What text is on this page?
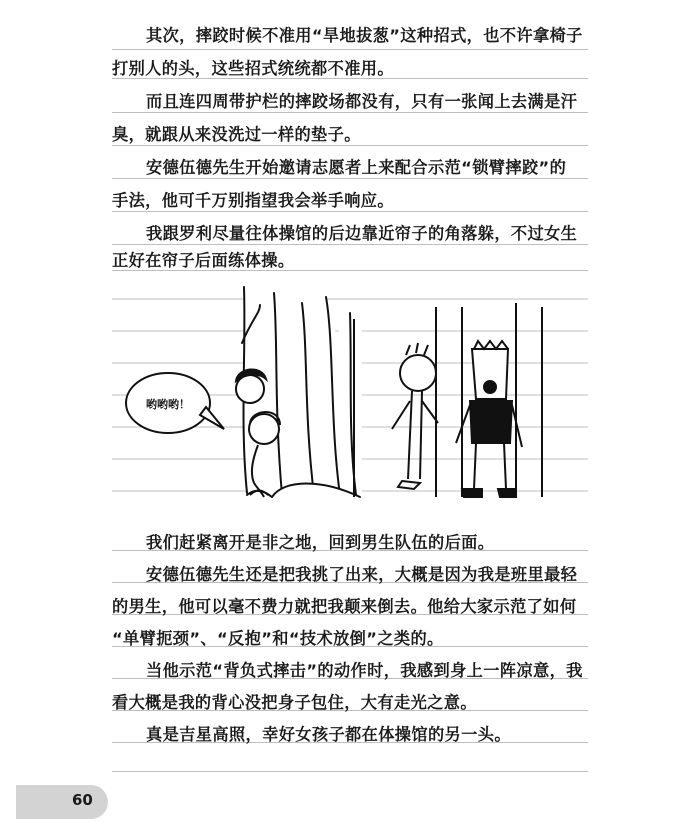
其次，摔跤时候不准用“旱地拔葱”这种招式，也不许拿椅子
打别人的头，这些招式统统都不准用。
而且连四周带护栏的摔跤场都没有，只有一张闻上去满是汗
臭，就跟从来没洗过一样的垫子。
安德伍德先生开始邀请志愿者上来配合示范“锁臂摔跤”的
手法，他可千万别指望我会举手响应。
我跟罗利尽量往体操馆的后边靠近帘子的角落躲，不过女生
正好在帘子后面练体操。
哟哟哟！
我们赶紧离开是非之地，回到男生队伍的后面。
安德伍德先生还是把我挑了出来，大概是因为我是班里最轻
的男生，他可以毫不费力就把我颠来倒去。他给大家示范了如何
“单臂扼颈”、“反抱”和“技术放倒”之类的。
当他示范“背负式摔击”的动作时，我感到身上一阵凉意，我
看大概是我的背心没把身子包住，大有走光之意。
真是吉星高照，幸好女孩子都在体操馆的另一头。
60
